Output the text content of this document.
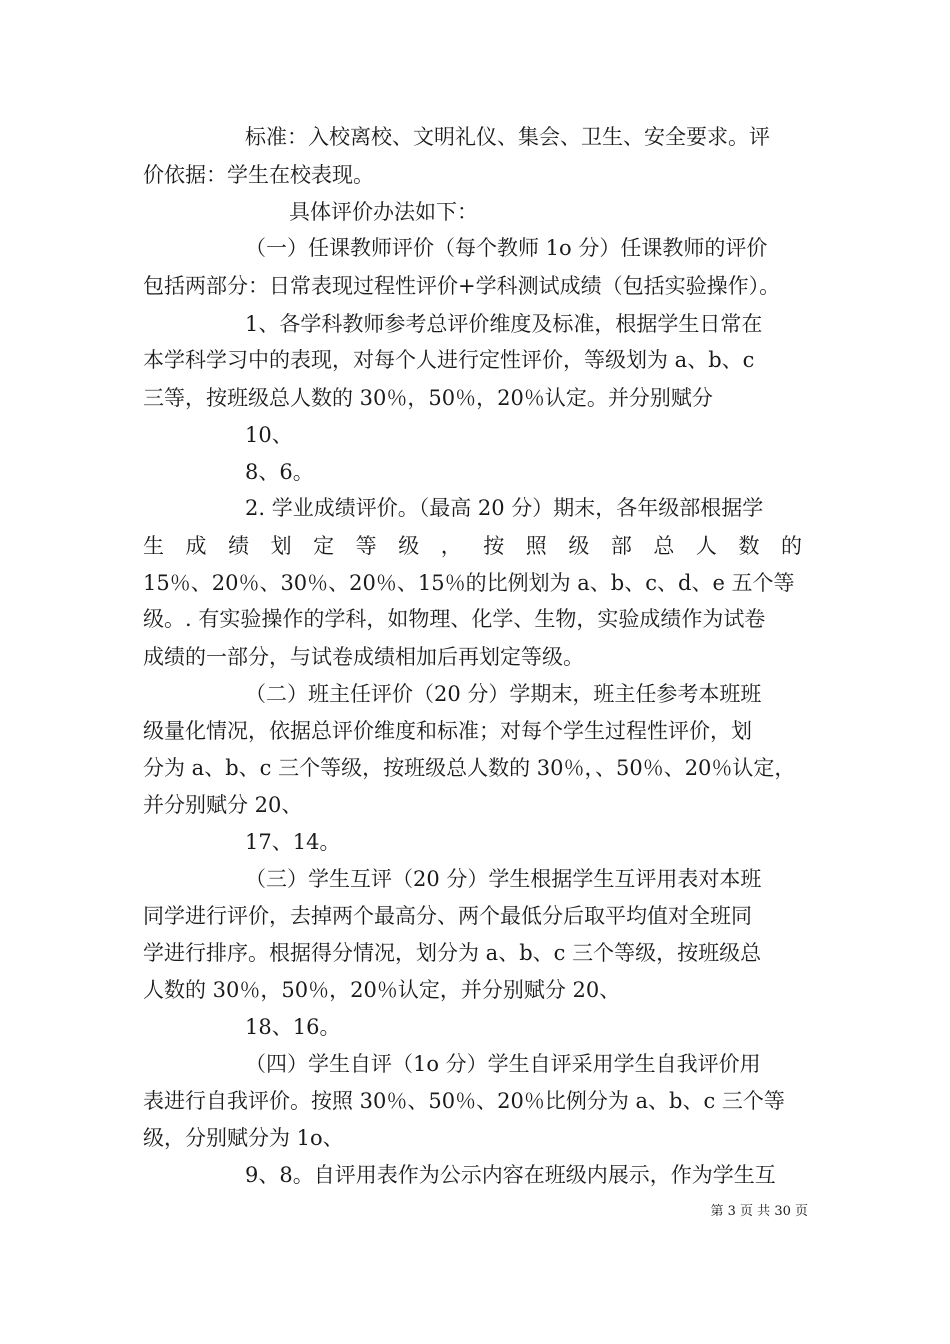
标准：入校离校、文明礼仪、集会、卫生、安全要求。评
价依据：学生在校表现。
具体评价办法如下：
（一）任课教师评价（每个教师 1o 分）任课教师的评价
包括两部分：日常表现过程性评价+学科测试成绩（包括实验操作）。
1、各学科教师参考总评价维度及标准，根据学生日常在
本学科学习中的表现，对每个人进行定性评价，等级划为 a、b、c
三等，按班级总人数的 30％，50％，20％认定。并分别赋分
10、
8、6。
2. 学业成绩评价。（最高 20 分）期末，各年级部根据学
生成绩划定等级，按照级部总人数的
15％、20％、30％、20％、15％的比例划为 a、b、c、d、e 五个等
级。. 有实验操作的学科，如物理、化学、生物，实验成绩作为试卷
成绩的一部分，与试卷成绩相加后再划定等级。
（二）班主任评价（20 分）学期末，班主任参考本班班
级量化情况，依据总评价维度和标准；对每个学生过程性评价，划
分为 a、b、c 三个等级，按班级总人数的 30％，、50％、20％认定，
并分别赋分 20、
17、14。
（三）学生互评（20 分）学生根据学生互评用表对本班
同学进行评价，去掉两个最高分、两个最低分后取平均值对全班同
学进行排序。根据得分情况，划分为 a、b、c 三个等级，按班级总
人数的 30％，50％，20％认定，并分别赋分 20、
18、16。
（四）学生自评（1o 分）学生自评采用学生自我评价用
表进行自我评价。按照 30％、50％、20％比例分为 a、b、c 三个等
级，分别赋分为 1o、
9、8。自评用表作为公示内容在班级内展示，作为学生互
第 3 页 共 30 页
